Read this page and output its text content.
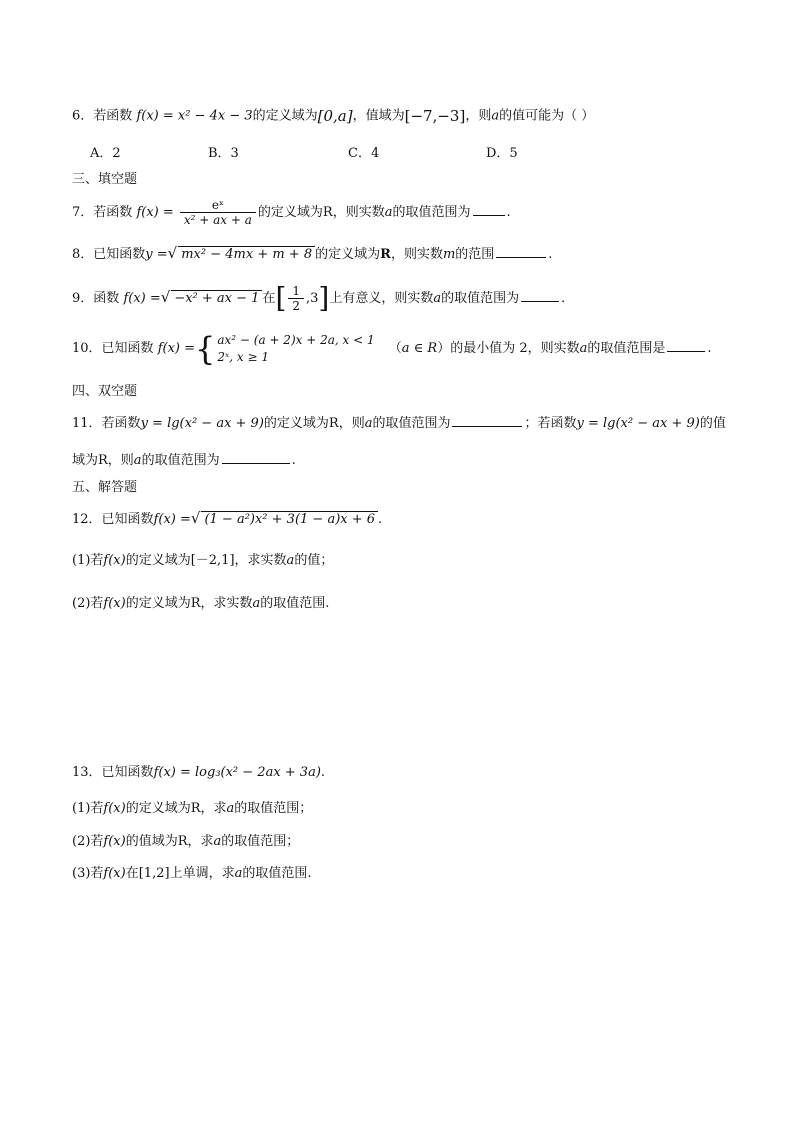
6．若函数 f(x) = x² − 4x − 3的定义域为[0,a]，值域为[−7,−3]，则a的值可能为（ ）
A．2	B．3	C．4	D．5
三、填空题
7．若函数 $f(x) = \frac{\text{eˣ}}{\text{x² + ax + a}}$ 的定义域为R，则实数a的取值范围为	.
8．已知函数y =√ mx² − 4mx + m + 8 的定义域为R，则实数m的范围	.
9．函数 f(x) =√ −x² + ax − 1 在[ $\frac{1}{2} ,3$]上有意义，则实数a的取值范围为	．
10．已知函数 f(x) ={ ax² − (a + 2)x + 2a, x < 1
2ˣ, x ≥ 1 （a ∈ R）的最小值为 2，则实数a的取值范围是	.
四、双空题
11．若函数y = lg(x² − ax + 9)的定义域为R，则a的取值范围为	；若函数y = lg(x² − ax + 9)的值
域为R，则a的取值范围为	.
五、解答题
12．已知函数f(x) =√ (1 − a²)x² + 3(1 − a)x + 6 .
(1)若f(x)的定义域为[－2,1]，求实数a的值；
(2)若f(x)的定义域为R，求实数a的取值范围.
13．已知函数f(x) = log₃(x² − 2ax + 3a).
(1)若f(x)的定义域为R，求a的取值范围；
(2)若f(x)的值域为R，求a的取值范围；
(3)若f(x)在[1,2]上单调，求a的取值范围.
